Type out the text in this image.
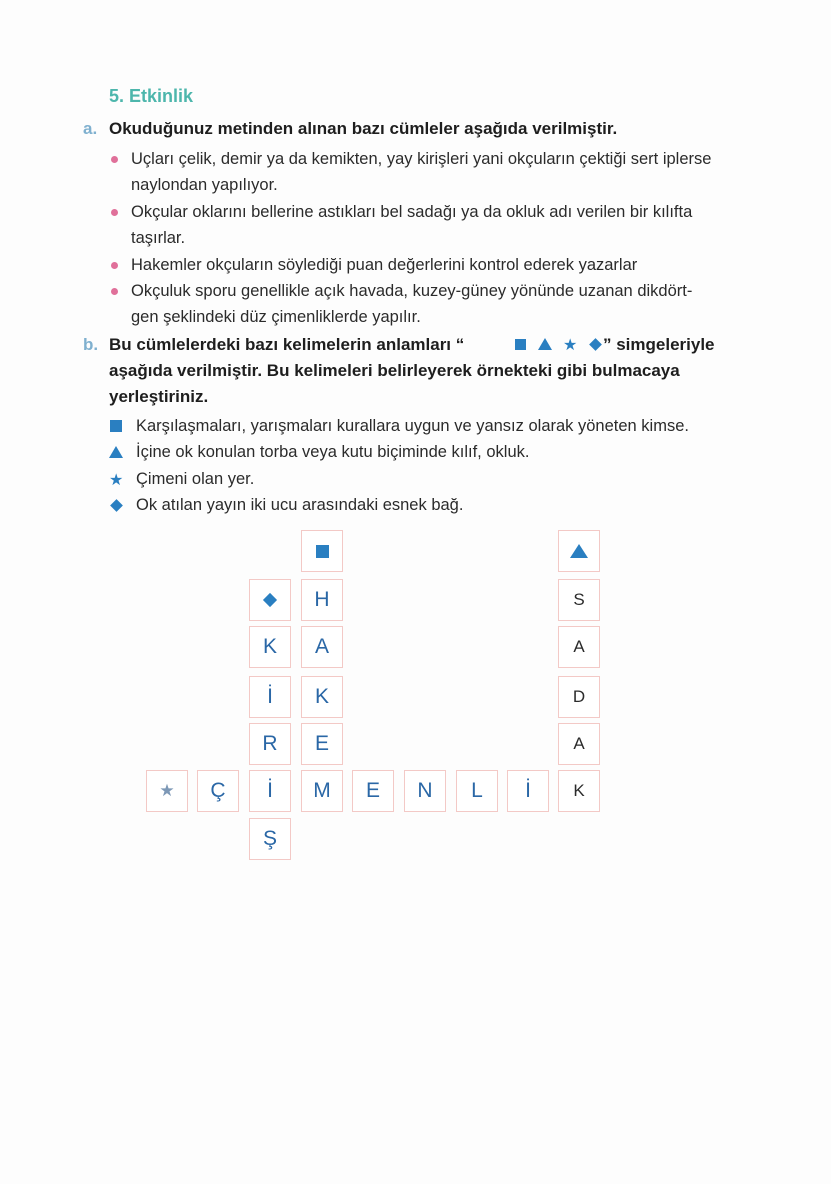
5. Etkinlik
a. Okuduğunuz metinden alınan bazı cümleler aşağıda verilmiştir.
Uçları çelik, demir ya da kemikten, yay kirişleri yani okçuların çektiği sert iplerse
naylondan yapılıyor.
Okçular oklarını bellerine astıkları bel sadağı ya da okluk adı verilen bir kılıfta
taşırlar.
Hakemler okçuların söylediği puan değerlerini kontrol ederek yazarlar
Okçuluk sporu genellikle açık havada, kuzey-güney yönünde uzanan dikdört-
gen şeklindeki düz çimenliklerde yapılır.
b. Bu cümlelerdeki bazı kelimelerin anlamları “	★ ” simgeleriyle
aşağıda verilmiştir. Bu kelimeleri belirleyerek örnekteki gibi bulmacaya
yerleştiriniz.
Karşılaşmaları, yarışmaları kurallara uygun ve yansız olarak yöneten kimse.
İçine ok konulan torba veya kutu biçiminde kılıf, okluk.
★ Çimeni olan yer.
Ok atılan yayın iki ucu arasındaki esnek bağ.
H
A
K
E
S
A
D
A
K
İ
R
Ş
★	Ç	İ	M	E	N	L	İ	K
